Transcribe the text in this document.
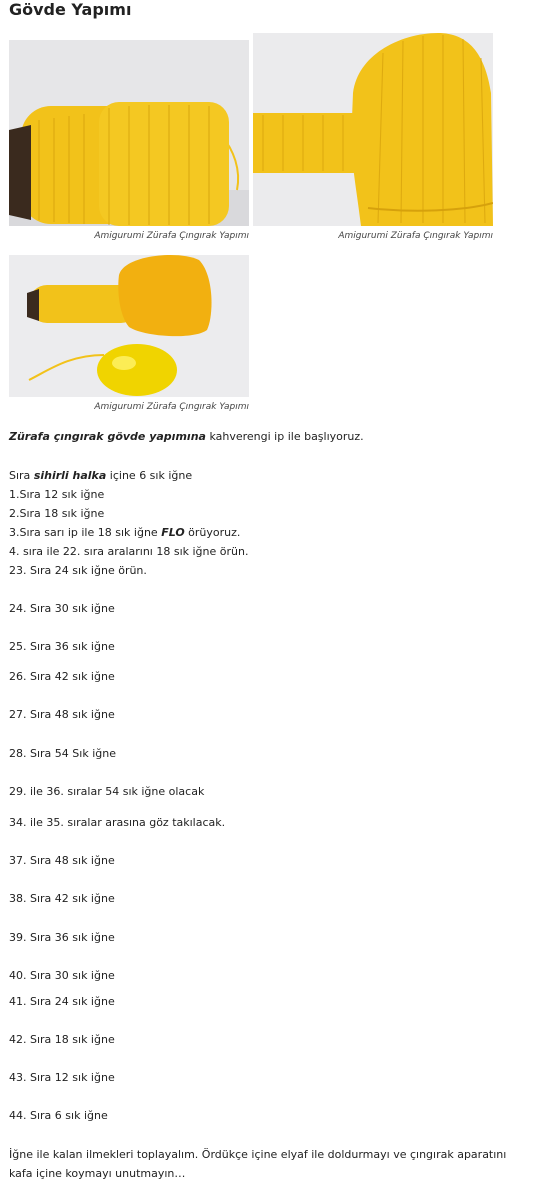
Gövde Yapımı
Amigurumi Zürafa Çıngırak Yapımı	Amigurumi Zürafa Çıngırak Yapımı
Amigurumi Zürafa Çıngırak Yapımı

Zürafa çıngırak gövde yapımına kahverengi ip ile başlıyoruz.

Sıra sihirli halka içine 6 sık iğne

1.Sıra 12 sık iğne

2.Sıra 18 sık iğne

3.Sıra sarı ip ile 18 sık iğne FLO örüyoruz.

4. sıra ile 22. sıra aralarını 18 sık iğne örün.

23. Sıra 24 sık iğne örün.

24. Sıra 30 sık iğne

25. Sıra 36 sık iğne

26. Sıra 42 sık iğne

27. Sıra 48 sık iğne

28. Sıra 54 Sık iğne

29. ile 36. sıralar 54 sık iğne olacak

34. ile 35. sıralar arasına göz takılacak.

37. Sıra 48 sık iğne

38. Sıra 42 sık iğne

39. Sıra 36 sık iğne

40. Sıra 30 sık iğne

41. Sıra 24 sık iğne

42. Sıra 18 sık iğne

43. Sıra 12 sık iğne

44. Sıra 6 sık iğne

İğne ile kalan ilmekleri toplayalım. Ördükçe içine elyaf ile doldurmayı ve çıngırak aparatını

kafa içine koymayı unutmayın…
